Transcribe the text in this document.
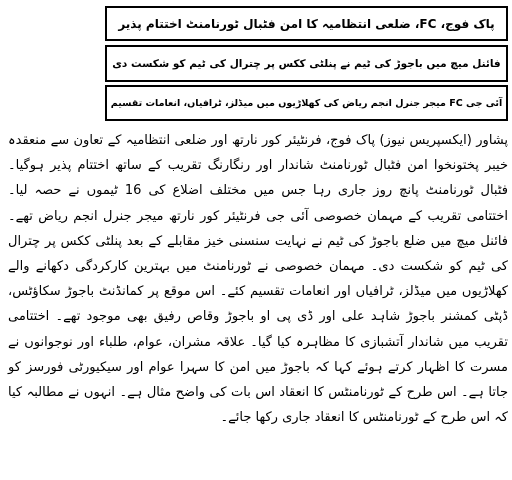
پاک فوج، FC، ضلعی انتظامیہ کا امن فٹبال ٹورنامنٹ اختتام پذیر
فائنل میچ میں باجوڑ کی ٹیم نے پنلٹی ککس پر چترال کی ٹیم کو شکست دی
آئی جی FC میجر جنرل انجم ریاض کی کھلاڑیوں میں میڈلز، ٹرافیاں، انعامات تقسیم

پشاور (ایکسپریس نیوز) پاک فوج، فرنٹیئر کور نارتھ اور ضلعی انتظامیہ کے تعاون سے منعقدہ خیبر پختونخوا امن فٹبال ٹورنامنٹ شاندار اور رنگارنگ تقریب کے ساتھ اختتام پذیر ہوگیا۔ فٹبال ٹورنامنٹ پانچ روز جاری رہا جس میں مختلف اضلاع کی 16 ٹیموں نے حصہ لیا۔ اختتامی تقریب کے مہمان خصوصی آئی جی فرنٹیئر کور نارتھ میجر جنرل انجم ریاض تھے۔ فائنل میچ میں ضلع باجوڑ کی ٹیم نے نہایت سنسنی خیز مقابلے کے بعد پنلٹی ککس پر چترال کی ٹیم کو شکست دی۔ مہمان خصوصی نے ٹورنامنٹ میں بہترین کارکردگی دکھانے والے کھلاڑیوں میں میڈلز، ٹرافیاں اور انعامات تقسیم کئے۔ اس موقع پر کمانڈنٹ باجوڑ سکاؤٹس، ڈپٹی کمشنر باجوڑ شاہد علی اور ڈی پی او باجوڑ وقاص رفیق بھی موجود تھے۔ اختتامی تقریب میں شاندار آتشبازی کا مظاہرہ کیا گیا۔ علاقہ مشران، عوام، طلباء اور نوجوانوں نے مسرت کا اظہار کرتے ہوئے کہا کہ باجوڑ میں امن کا سہرا عوام اور سیکیورٹی فورسز کو جاتا ہے۔ اس طرح کے ٹورنامنٹس کا انعقاد اس بات کی واضح مثال ہے۔ انہوں نے مطالبہ کیا کہ اس طرح کے ٹورنامنٹس کا انعقاد جاری رکھا جائے۔
